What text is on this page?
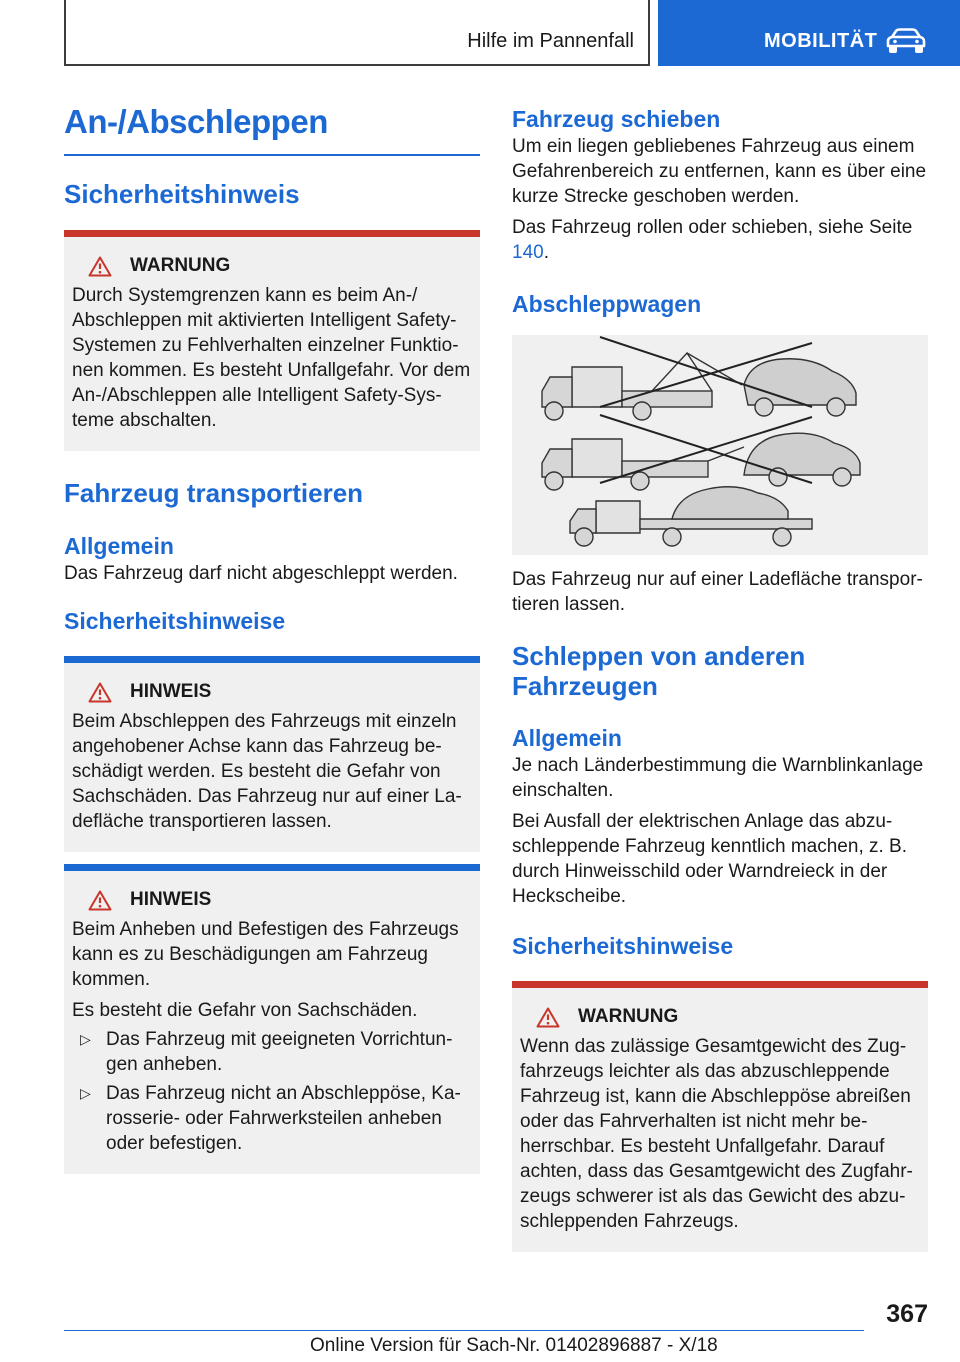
Hilfe im Pannenfall	MOBILITÄT
An-/Abschleppen
Sicherheitshinweis
WARNUNG

Durch Systemgrenzen kann es beim An-/ Abschleppen mit aktivierten Intelligent Safety-Systemen zu Fehlverhalten einzelner Funktio-nen kommen. Es besteht Unfallgefahr. Vor dem An-/Abschleppen alle Intelligent Safety-Sys-teme abschalten.

Fahrzeug transportieren
Allgemein

Das Fahrzeug darf nicht abgeschleppt werden.

Sicherheitshinweise
HINWEIS

Beim Abschleppen des Fahrzeugs mit einzeln angehobener Achse kann das Fahrzeug be-schädigt werden. Es besteht die Gefahr von Sachschäden. Das Fahrzeug nur auf einer La-defläche transportieren lassen.

HINWEIS

Beim Anheben und Befestigen des Fahrzeugs kann es zu Beschädigungen am Fahrzeug kommen.

Es besteht die Gefahr von Sachschäden.

▷ Das Fahrzeug mit geeigneten Vorrichtun-gen anheben.
▷ Das Fahrzeug nicht an Abschleppöse, Ka-rosserie- oder Fahrwerksteilen anheben oder befestigen.
Fahrzeug schieben

Um ein liegen gebliebenes Fahrzeug aus einem Gefahrenbereich zu entfernen, kann es über eine kurze Strecke geschoben werden.

Das Fahrzeug rollen oder schieben, siehe Seite 140.

Abschleppwagen

Das Fahrzeug nur auf einer Ladefläche transpor-tieren lassen.

Schleppen von anderen Fahrzeugen
Allgemein

Je nach Länderbestimmung die Warnblinkanlage einschalten.

Bei Ausfall der elektrischen Anlage das abzu-schleppende Fahrzeug kenntlich machen, z. B. durch Hinweisschild oder Warndreieck in der Heckscheibe.

Sicherheitshinweise
WARNUNG

Wenn das zulässige Gesamtgewicht des Zug-fahrzeugs leichter als das abzuschleppende Fahrzeug ist, kann die Abschleppöse abreißen oder das Fahrverhalten ist nicht mehr be-herrschbar. Es besteht Unfallgefahr. Darauf achten, dass das Gesamtgewicht des Zugfahr-zeugs schwerer ist als das Gewicht des abzu-schleppenden Fahrzeugs.

367
Online Version für Sach-Nr. 01402896887 - X/18
